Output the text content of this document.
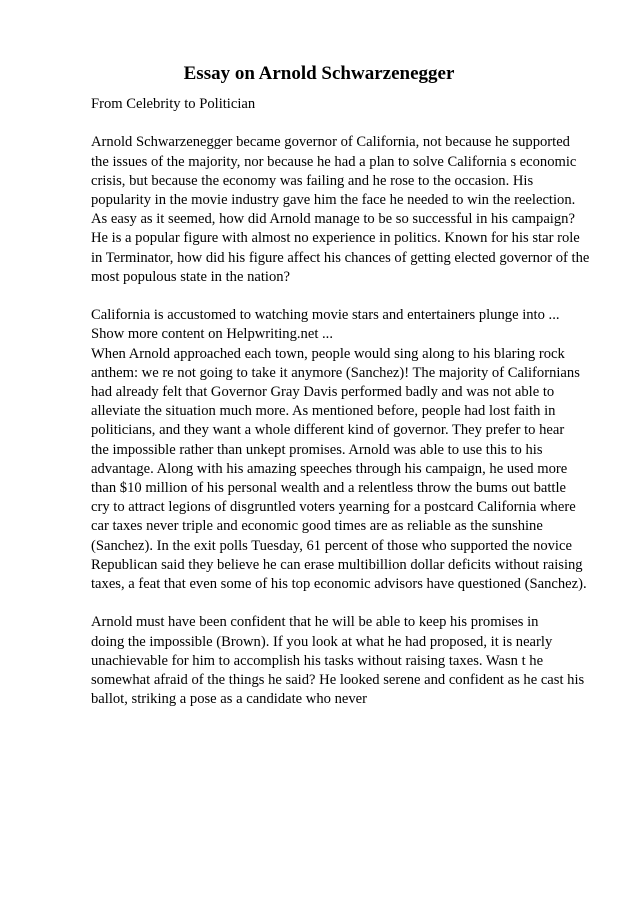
Essay on Arnold Schwarzenegger
From Celebrity to Politician
Arnold Schwarzenegger became governor of California, not because he supported
the issues of the majority, nor because he had a plan to solve California s economic
crisis, but because the economy was failing and he rose to the occasion. His
popularity in the movie industry gave him the face he needed to win the reelection.
As easy as it seemed, how did Arnold manage to be so successful in his campaign?
He is a popular figure with almost no experience in politics. Known for his star role
in Terminator, how did his figure affect his chances of getting elected governor of the
most populous state in the nation?
California is accustomed to watching movie stars and entertainers plunge into ...
Show more content on Helpwriting.net ...
When Arnold approached each town, people would sing along to his blaring rock
anthem: we re not going to take it anymore (Sanchez)! The majority of Californians
had already felt that Governor Gray Davis performed badly and was not able to
alleviate the situation much more. As mentioned before, people had lost faith in
politicians, and they want a whole different kind of governor. They prefer to hear
the impossible rather than unkept promises. Arnold was able to use this to his
advantage. Along with his amazing speeches through his campaign, he used more
than $10 million of his personal wealth and a relentless throw the bums out battle
cry to attract legions of disgruntled voters yearning for a postcard California where
car taxes never triple and economic good times are as reliable as the sunshine
(Sanchez). In the exit polls Tuesday, 61 percent of those who supported the novice
Republican said they believe he can erase multibillion dollar deficits without raising
taxes, a feat that even some of his top economic advisors have questioned (Sanchez).
Arnold must have been confident that he will be able to keep his promises in
doing the impossible (Brown). If you look at what he had proposed, it is nearly
unachievable for him to accomplish his tasks without raising taxes. Wasn t he
somewhat afraid of the things he said? He looked serene and confident as he cast his
ballot, striking a pose as a candidate who never
